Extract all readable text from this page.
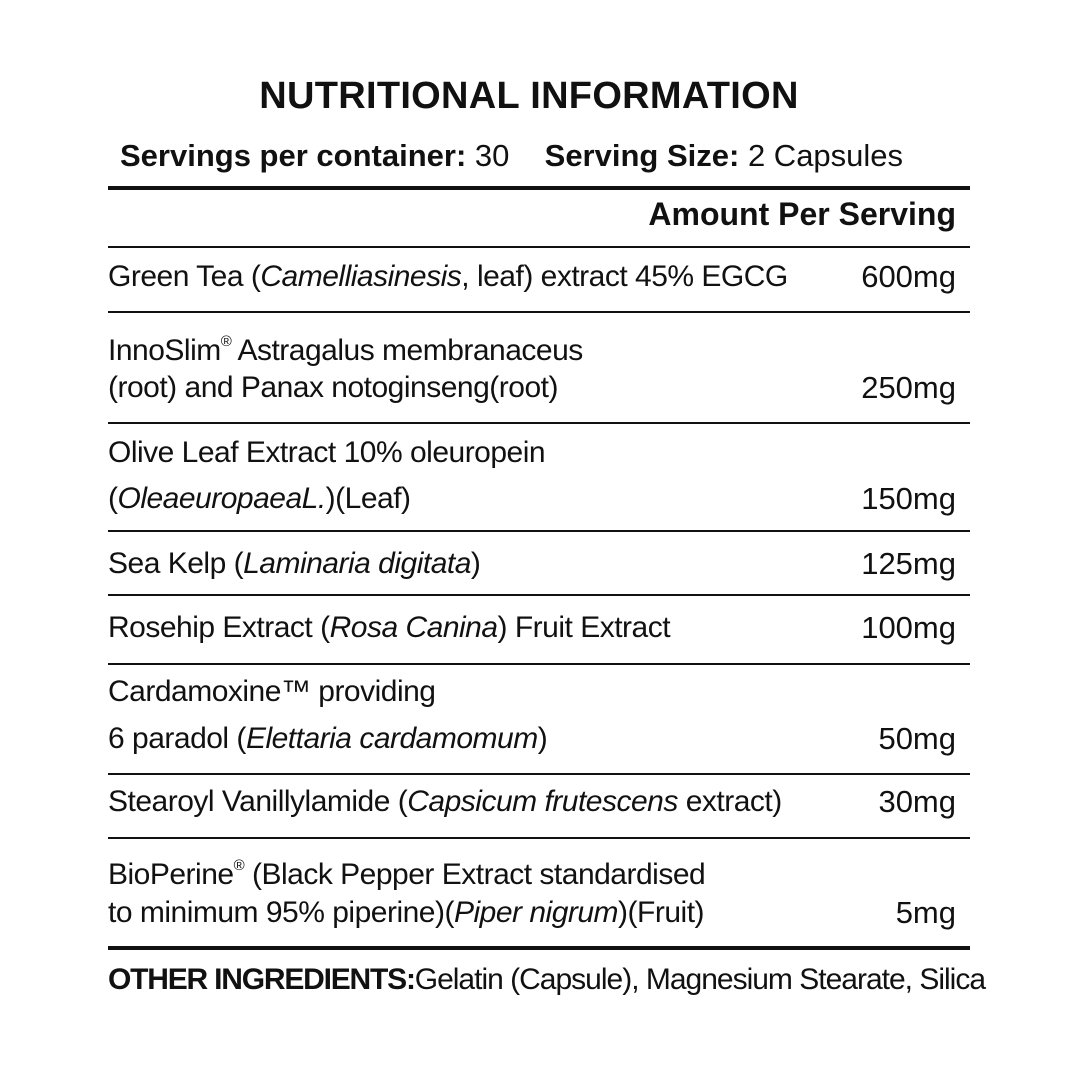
NUTRITIONAL INFORMATION
Servings per container: 30 Serving Size: 2 Capsules
Amount Per Serving
Green Tea (Camelliasinesis, leaf) extract 45% EGCG 600mg
InnoSlim® Astragalus membranaceus
(root) and Panax notoginseng(root)	250mg
Olive Leaf Extract 10% oleuropein
(OleaeuropaeaL.)(Leaf)	150mg
Sea Kelp (Laminaria digitata)	125mg
Rosehip Extract (Rosa Canina) Fruit Extract	100mg
Cardamoxine™ providing
6 paradol (Elettaria cardamomum)	50mg
Stearoyl Vanillylamide (Capsicum frutescens extract)	30mg
BioPerine® (Black Pepper Extract standardised
to minimum 95% piperine)(Piper nigrum)(Fruit)	5mg
OTHER INGREDIENTS:Gelatin (Capsule), Magnesium Stearate, Silica
